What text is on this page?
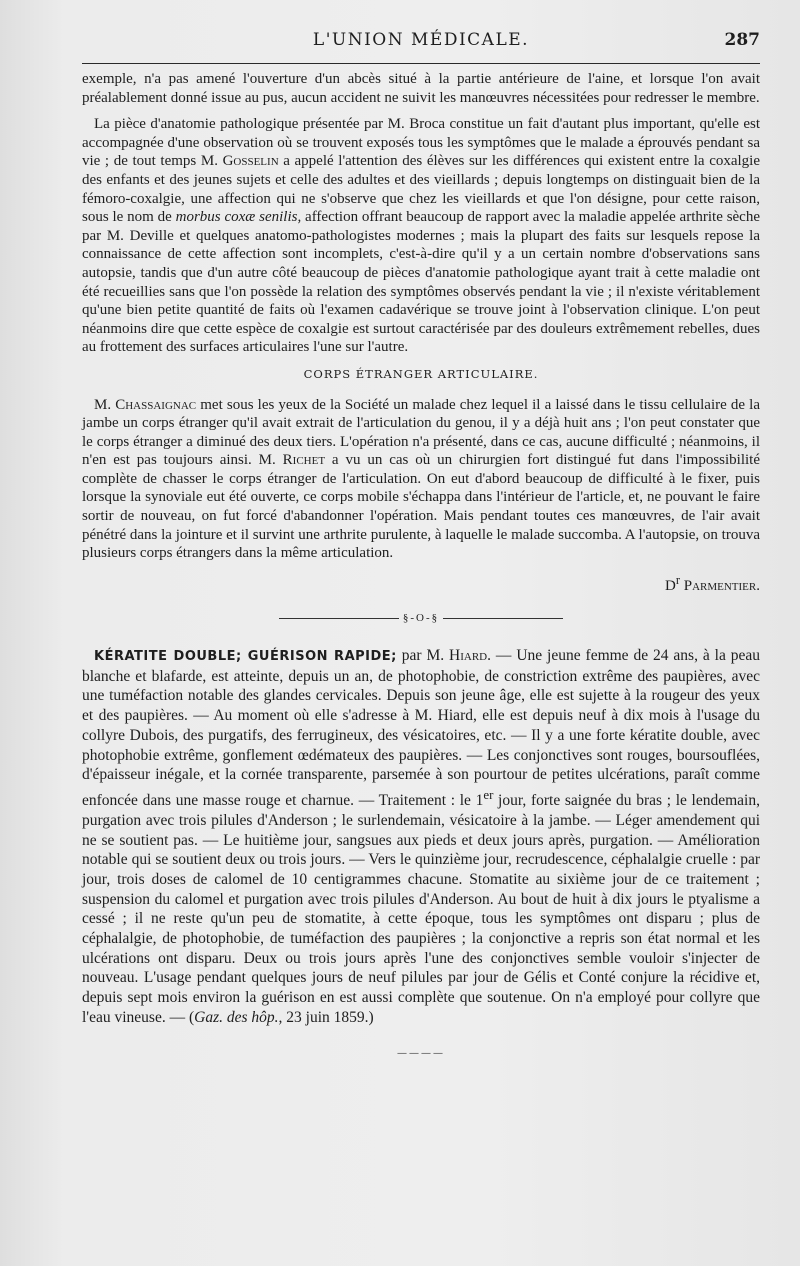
L'UNION MÉDICALE.	287

exemple, n'a pas amené l'ouverture d'un abcès situé à la partie antérieure de l'aine, et lorsque l'on avait préalablement donné issue au pus, aucun accident ne suivit les manœuvres nécessitées pour redresser le membre.

La pièce d'anatomie pathologique présentée par M. Broca constitue un fait d'autant plus important, qu'elle est accompagnée d'une observation où se trouvent exposés tous les symptômes que le malade a éprouvés pendant sa vie ; de tout temps M. Gosselin a appelé l'attention des élèves sur les différences qui existent entre la coxalgie des enfants et des jeunes sujets et celle des adultes et des vieillards ; depuis longtemps on distinguait bien de la fémoro-coxalgie, une affection qui ne s'observe que chez les vieillards et que l'on désigne, pour cette raison, sous le nom de morbus coxæ senilis, affection offrant beaucoup de rapport avec la maladie appelée arthrite sèche par M. Deville et quelques anatomo-pathologistes modernes ; mais la plupart des faits sur lesquels repose la connaissance de cette affection sont incomplets, c'est-à-dire qu'il y a un certain nombre d'observations sans autopsie, tandis que d'un autre côté beaucoup de pièces d'anatomie pathologique ayant trait à cette maladie ont été recueillies sans que l'on possède la relation des symptômes observés pendant la vie ; il n'existe véritablement qu'une bien petite quantité de faits où l'examen cadavérique se trouve joint à l'observation clinique. L'on peut néanmoins dire que cette espèce de coxalgie est surtout caractérisée par des douleurs extrêmement rebelles, dues au frottement des surfaces articulaires l'une sur l'autre.

CORPS ÉTRANGER ARTICULAIRE.

M. Chassaignac met sous les yeux de la Société un malade chez lequel il a laissé dans le tissu cellulaire de la jambe un corps étranger qu'il avait extrait de l'articulation du genou, il y a déjà huit ans ; l'on peut constater que le corps étranger a diminué des deux tiers. L'opération n'a présenté, dans ce cas, aucune difficulté ; néanmoins, il n'en est pas toujours ainsi. M. Richet a vu un cas où un chirurgien fort distingué fut dans l'impossibilité complète de chasser le corps étranger de l'articulation. On eut d'abord beaucoup de difficulté à le fixer, puis lorsque la synoviale eut été ouverte, ce corps mobile s'échappa dans l'intérieur de l'article, et, ne pouvant le faire sortir de nouveau, on fut forcé d'abandonner l'opération. Mais pendant toutes ces manœuvres, de l'air avait pénétré dans la jointure et il survint une arthrite purulente, à laquelle le malade succomba. A l'autopsie, on trouva plusieurs corps étrangers dans la même articulation.

$D^r$ Parmentier.

§-O-§

KÉRATITE DOUBLE; GUÉRISON RAPIDE; par M. Hiard. — Une jeune femme de 24 ans, à la peau blanche et blafarde, est atteinte, depuis un an, de photophobie, de constriction extrême des paupières, avec une tuméfaction notable des glandes cervicales. Depuis son jeune âge, elle est sujette à la rougeur des yeux et des paupières. — Au moment où elle s'adresse à M. Hiard, elle est depuis neuf à dix mois à l'usage du collyre Dubois, des purgatifs, des ferrugineux, des vésicatoires, etc. — Il y a une forte kératite double, avec photophobie extrême, gonflement œdémateux des paupières. — Les conjonctives sont rouges, boursouflées, d'épaisseur inégale, et la cornée transparente, parsemée à son pourtour de petites ulcérations, paraît comme enfoncée dans une masse rouge et charnue. — Traitement : le 1er jour, forte saignée du bras ; le lendemain, purgation avec trois pilules d'Anderson ; le surlendemain, vésicatoire à la jambe. — Léger amendement qui ne se soutient pas. — Le huitième jour, sangsues aux pieds et deux jours après, purgation. — Amélioration notable qui se soutient deux ou trois jours. — Vers le quinzième jour, recrudescence, céphalalgie cruelle : par jour, trois doses de calomel de 10 centigrammes chacune. Stomatite au sixième jour de ce traitement ; suspension du calomel et purgation avec trois pilules d'Anderson. Au bout de huit à dix jours le ptyalisme a cessé ; il ne reste qu'un peu de stomatite, à cette époque, tous les symptômes ont disparu ; plus de céphalalgie, de photophobie, de tuméfaction des paupières ; la conjonctive a repris son état normal et les ulcérations ont disparu. Deux ou trois jours après l'une des conjonctives semble vouloir s'injecter de nouveau. L'usage pendant quelques jours de neuf pilules par jour de Gélis et Conté conjure la récidive et, depuis sept mois environ la guérison en est aussi complète que soutenue. On n'a employé pour collyre que l'eau vineuse. — (Gaz. des hôp., 23 juin 1859.)

————
